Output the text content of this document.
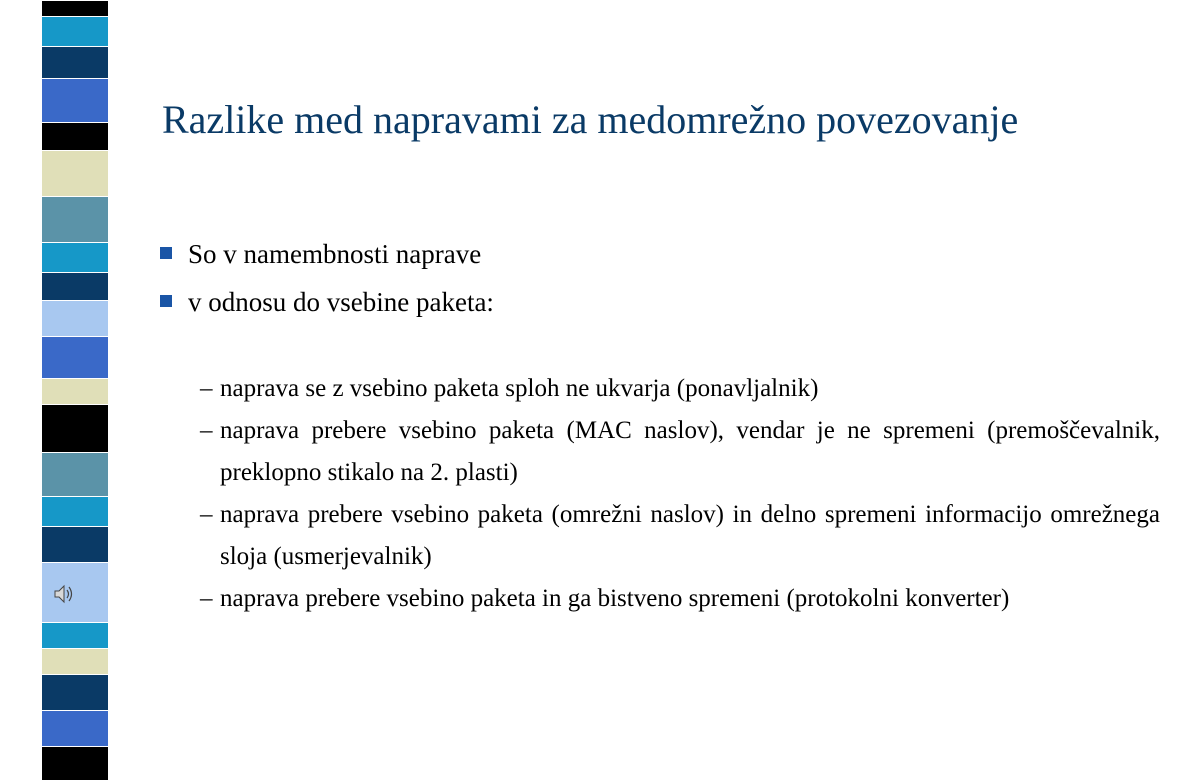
Razlike med napravami za medomrežno povezovanje
So v namembnosti naprave
v odnosu do vsebine paketa:
– naprava se z vsebino paketa sploh ne ukvarja (ponavljalnik)
– naprava prebere vsebino paketa (MAC naslov), vendar je ne spremeni (premoščevalnik, preklopno stikalo na 2. plasti)
– naprava prebere vsebino paketa (omrežni naslov) in delno spremeni informacijo omrežnega sloja (usmerjevalnik)
– naprava prebere vsebino paketa in ga bistveno spremeni (protokolni konverter)
